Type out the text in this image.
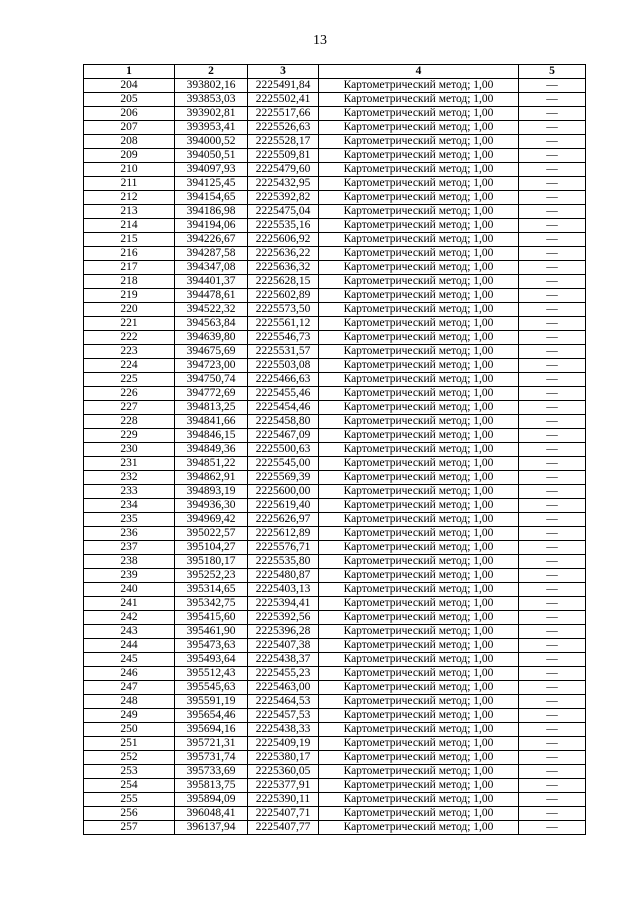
13
1	2	3	4	5
204	393802,16	2225491,84	Картометрический метод; 1,00	—
205	393853,03	2225502,41	Картометрический метод; 1,00	—
206	393902,81	2225517,66	Картометрический метод; 1,00	—
207	393953,41	2225526,63	Картометрический метод; 1,00	—
208	394000,52	2225528,17	Картометрический метод; 1,00	—
209	394050,51	2225509,81	Картометрический метод; 1,00	—
210	394097,93	2225479,60	Картометрический метод; 1,00	—
211	394125,45	2225432,95	Картометрический метод; 1,00	—
212	394154,65	2225392,82	Картометрический метод; 1,00	—
213	394186,98	2225475,04	Картометрический метод; 1,00	—
214	394194,06	2225535,16	Картометрический метод; 1,00	—
215	394226,67	2225606,92	Картометрический метод; 1,00	—
216	394287,58	2225636,22	Картометрический метод; 1,00	—
217	394347,08	2225636,32	Картометрический метод; 1,00	—
218	394401,37	2225628,15	Картометрический метод; 1,00	—
219	394478,61	2225602,89	Картометрический метод; 1,00	—
220	394522,32	2225573,50	Картометрический метод; 1,00	—
221	394563,84	2225561,12	Картометрический метод; 1,00	—
222	394639,80	2225546,73	Картометрический метод; 1,00	—
223	394675,69	2225531,57	Картометрический метод; 1,00	—
224	394723,00	2225503,08	Картометрический метод; 1,00	—
225	394750,74	2225466,63	Картометрический метод; 1,00	—
226	394772,69	2225455,46	Картометрический метод; 1,00	—
227	394813,25	2225454,46	Картометрический метод; 1,00	—
228	394841,66	2225458,80	Картометрический метод; 1,00	—
229	394846,15	2225467,09	Картометрический метод; 1,00	—
230	394849,36	2225500,63	Картометрический метод; 1,00	—
231	394851,22	2225545,00	Картометрический метод; 1,00	—
232	394862,91	2225569,39	Картометрический метод; 1,00	—
233	394893,19	2225600,00	Картометрический метод; 1,00	—
234	394936,30	2225619,40	Картометрический метод; 1,00	—
235	394969,42	2225626,97	Картометрический метод; 1,00	—
236	395022,57	2225612,89	Картометрический метод; 1,00	—
237	395104,27	2225576,71	Картометрический метод; 1,00	—
238	395180,17	2225535,80	Картометрический метод; 1,00	—
239	395252,23	2225480,87	Картометрический метод; 1,00	—
240	395314,65	2225403,13	Картометрический метод; 1,00	—
241	395342,75	2225394,41	Картометрический метод; 1,00	—
242	395415,60	2225392,56	Картометрический метод; 1,00	—
243	395461,90	2225396,28	Картометрический метод; 1,00	—
244	395473,63	2225407,38	Картометрический метод; 1,00	—
245	395493,64	2225438,37	Картометрический метод; 1,00	—
246	395512,43	2225455,23	Картометрический метод; 1,00	—
247	395545,63	2225463,00	Картометрический метод; 1,00	—
248	395591,19	2225464,53	Картометрический метод; 1,00	—
249	395654,46	2225457,53	Картометрический метод; 1,00	—
250	395694,16	2225438,33	Картометрический метод; 1,00	—
251	395721,31	2225409,19	Картометрический метод; 1,00	—
252	395731,74	2225380,17	Картометрический метод; 1,00	—
253	395733,69	2225360,05	Картометрический метод; 1,00	—
254	395813,75	2225377,91	Картометрический метод; 1,00	—
255	395894,09	2225390,11	Картометрический метод; 1,00	—
256	396048,41	2225407,71	Картометрический метод; 1,00	—
257	396137,94	2225407,77	Картометрический метод; 1,00	—
